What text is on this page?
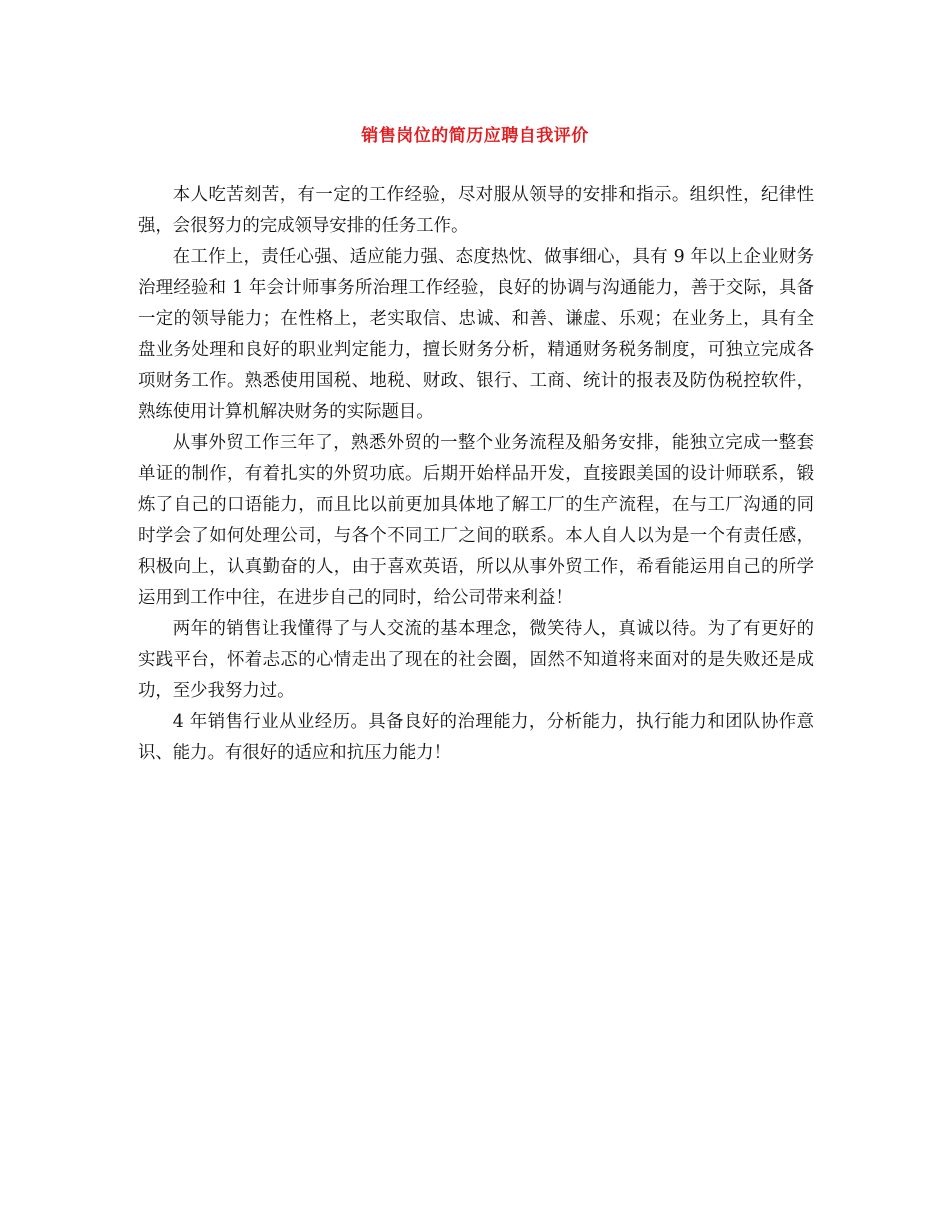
销售岗位的简历应聘自我评价

本人吃苦刻苦，有一定的工作经验，尽对服从领导的安排和指示。组织性，纪律性强，会很努力的完成领导安排的任务工作。

在工作上，责任心强、适应能力强、态度热忱、做事细心，具有 9 年以上企业财务治理经验和 1 年会计师事务所治理工作经验，良好的协调与沟通能力，善于交际，具备一定的领导能力；在性格上，老实取信、忠诚、和善、谦虚、乐观；在业务上，具有全盘业务处理和良好的职业判定能力，擅长财务分析，精通财务税务制度，可独立完成各项财务工作。熟悉使用国税、地税、财政、银行、工商、统计的报表及防伪税控软件，熟练使用计算机解决财务的实际题目。

从事外贸工作三年了，熟悉外贸的一整个业务流程及船务安排，能独立完成一整套单证的制作，有着扎实的外贸功底。后期开始样品开发，直接跟美国的设计师联系，锻炼了自己的口语能力，而且比以前更加具体地了解工厂的生产流程，在与工厂沟通的同时学会了如何处理公司，与各个不同工厂之间的联系。本人自人以为是一个有责任感，积极向上，认真勤奋的人，由于喜欢英语，所以从事外贸工作，希看能运用自己的所学运用到工作中往，在进步自己的同时，给公司带来利益！

两年的销售让我懂得了与人交流的基本理念，微笑待人，真诚以待。为了有更好的实践平台，怀着忐忑的心情走出了现在的社会圈，固然不知道将来面对的是失败还是成功，至少我努力过。

4 年销售行业从业经历。具备良好的治理能力，分析能力，执行能力和团队协作意识、能力。有很好的适应和抗压力能力！
